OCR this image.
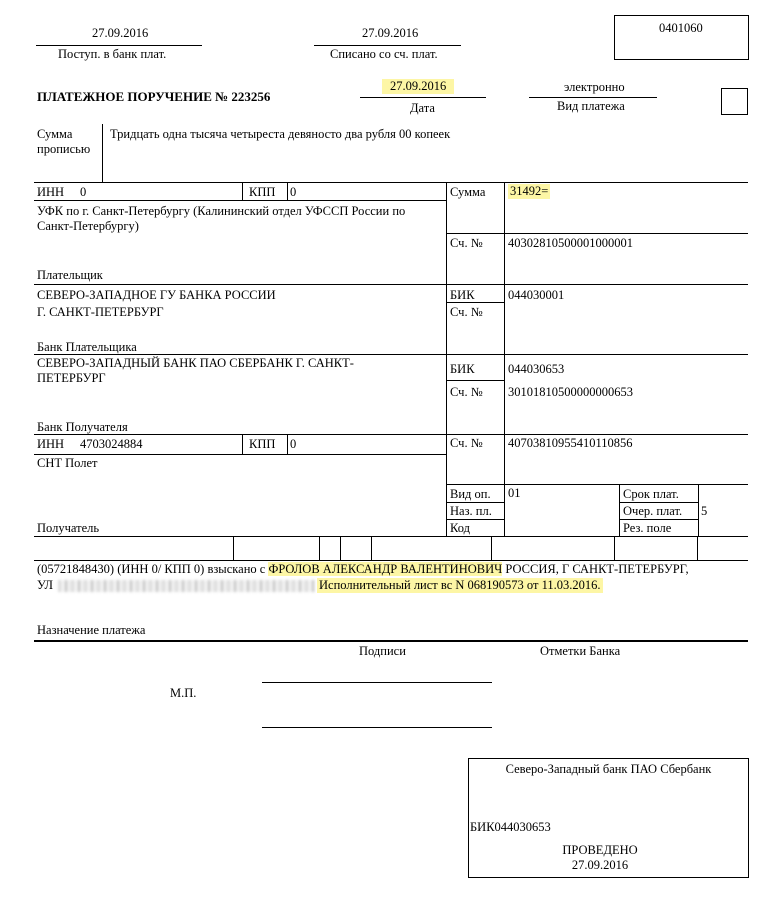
27.09.2016
Поступ. в банк плат.
27.09.2016
Списано со сч. плат.
0401060
ПЛАТЕЖНОЕ ПОРУЧЕНИЕ № 223256
27.09.2016
Дата
электронно
Вид платежа
Сумма
прописью
Тридцать одна тысяча четыреста девяносто два рубля 00 копеек
ИНН 0	КПП 0
УФК по г. Санкт-Петербургу (Калининский отдел УФССП России по
Санкт-Петербургу)
Плательщик
Сумма 31492=
Сч. № 40302810500001000001
СЕВЕРО-ЗАПАДНОЕ ГУ БАНКА РОССИИ
Г. САНКТ-ПЕТЕРБУРГ
Банк Плательщика
БИК	044030001
Сч. №
СЕВЕРО-ЗАПАДНЫЙ БАНК ПАО СБЕРБАНК Г. САНКТ-
ПЕТЕРБУРГ
Банк Получателя
БИК	044030653
Сч. № 30101810500000000653
ИНН 4703024884	КПП 0
СНТ Полет
Получатель
Сч. № 40703810955410110856
Вид оп. 01
Наз. пл.
Код
Срок плат.
Очер. плат. 5
Рез. поле
(05721848430) (ИНН 0/ КПП 0) взыскано с ФРОЛОВ АЛЕКСАНДР ВАЛЕНТИНОВИЧ РОССИЯ, Г САНКТ-ПЕТЕРБУРГ,
УЛ	Исполнительный лист вс N 068190573 от 11.03.2016.
Назначение платежа
Подписи	Отметки Банка
М.П.
Северо-Западный банк ПАО Сбербанк
БИК044030653
ПРОВЕДЕНО
27.09.2016
